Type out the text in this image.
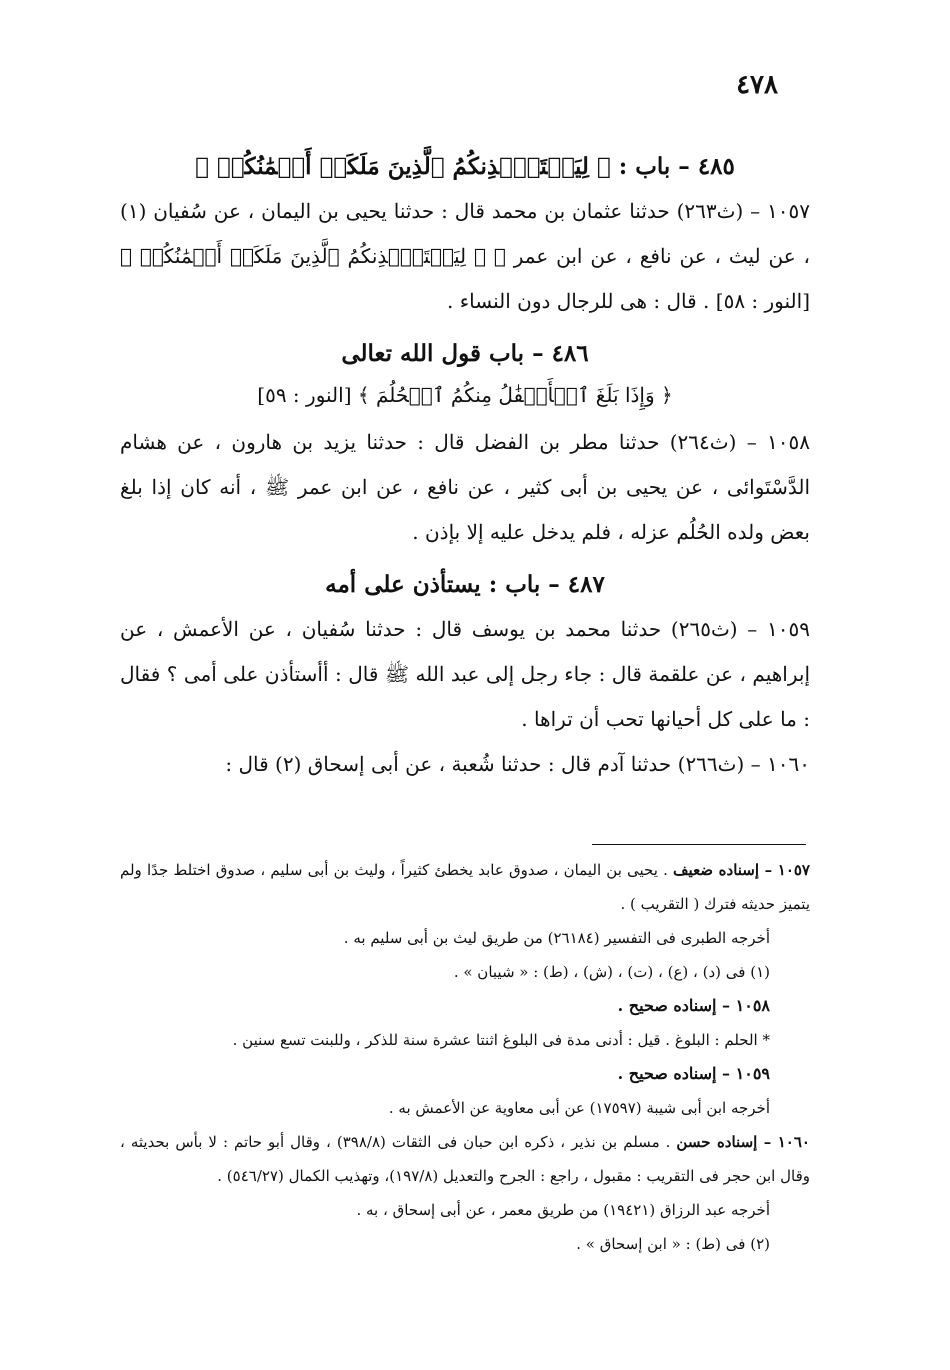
٤٧٨

٤٨٥ – باب : ﴿ لِيَسۡتَـٔۡذِنكُمُ ٱلَّذِينَ مَلَكَتۡ أَيۡمَٰنُكُمۡ ﴾

١٠٥٧ – (ث٢٦٣) حدثنا عثمان بن محمد قال : حدثنا يحيى بن اليمان ، عن سُفيان (١) ، عن ليث ، عن نافع ، عن ابن عمر ﷺ ﴿ لِيَسۡتَـٔۡذِنكُمُ ٱلَّذِينَ مَلَكَتۡ أَيۡمَٰنُكُمۡ ﴾ [النور : ٥٨] . قال : هى للرجال دون النساء .

٤٨٦ – باب قول الله تعالى

﴿ وَإِذَا بَلَغَ ٱلۡأَطۡفَٰلُ مِنكُمُ ٱلۡحُلُمَ ﴾ [النور : ٥٩]

١٠٥٨ – (ث٢٦٤) حدثنا مطر بن الفضل قال : حدثنا يزيد بن هارون ، عن هشام الدَّسْتَوائى ، عن يحيى بن أبى كثير ، عن نافع ، عن ابن عمر ﷺ ، أنه كان إذا بلغ بعض ولده الحُلُم عزله ، فلم يدخل عليه إلا بإذن .

٤٨٧ – باب : يستأذن على أمه

١٠٥٩ – (ث٢٦٥) حدثنا محمد بن يوسف قال : حدثنا سُفيان ، عن الأعمش ، عن إبراهيم ، عن علقمة قال : جاء رجل إلى عبد الله ﷺ قال : أأستأذن على أمى ؟ فقال : ما على كل أحيانها تحب أن تراها .

١٠٦٠ – (ث٢٦٦) حدثنا آدم قال : حدثنا شُعبة ، عن أبى إسحاق (٢) قال :

١٠٥٧ – إسناده ضعيف . يحيى بن اليمان ، صدوق عابد يخطئ كثيراً ، وليث بن أبى سليم ، صدوق اختلط جدًا ولم يتميز حديثه فترك ( التقريب ) .

أخرجه الطبرى فى التفسير (٢٦١٨٤) من طريق ليث بن أبى سليم به .

(١) فى (د) ، (ع) ، (ت) ، (ش) ، (ط) : « شيبان » .

١٠٥٨ – إسناده صحيح .

* الحلم : البلوغ . قيل : أدنى مدة فى البلوغ اثنتا عشرة سنة للذكر ، وللبنت تسع سنين .

١٠٥٩ – إسناده صحيح .

أخرجه ابن أبى شيبة (١٧٥٩٧) عن أبى معاوية عن الأعمش به .

١٠٦٠ – إسناده حسن . مسلم بن نذير ، ذكره ابن حبان فى الثقات (٣٩٨/٨) ، وقال أبو حاتم : لا بأس بحديثه ، وقال ابن حجر فى التقريب : مقبول ، راجع : الجرح والتعديل (١٩٧/٨)، وتهذيب الكمال (٥٤٦/٢٧) .

أخرجه عبد الرزاق (١٩٤٢١) من طريق معمر ، عن أبى إسحاق ، به .

(٢) فى (ط) : « ابن إسحاق » .
